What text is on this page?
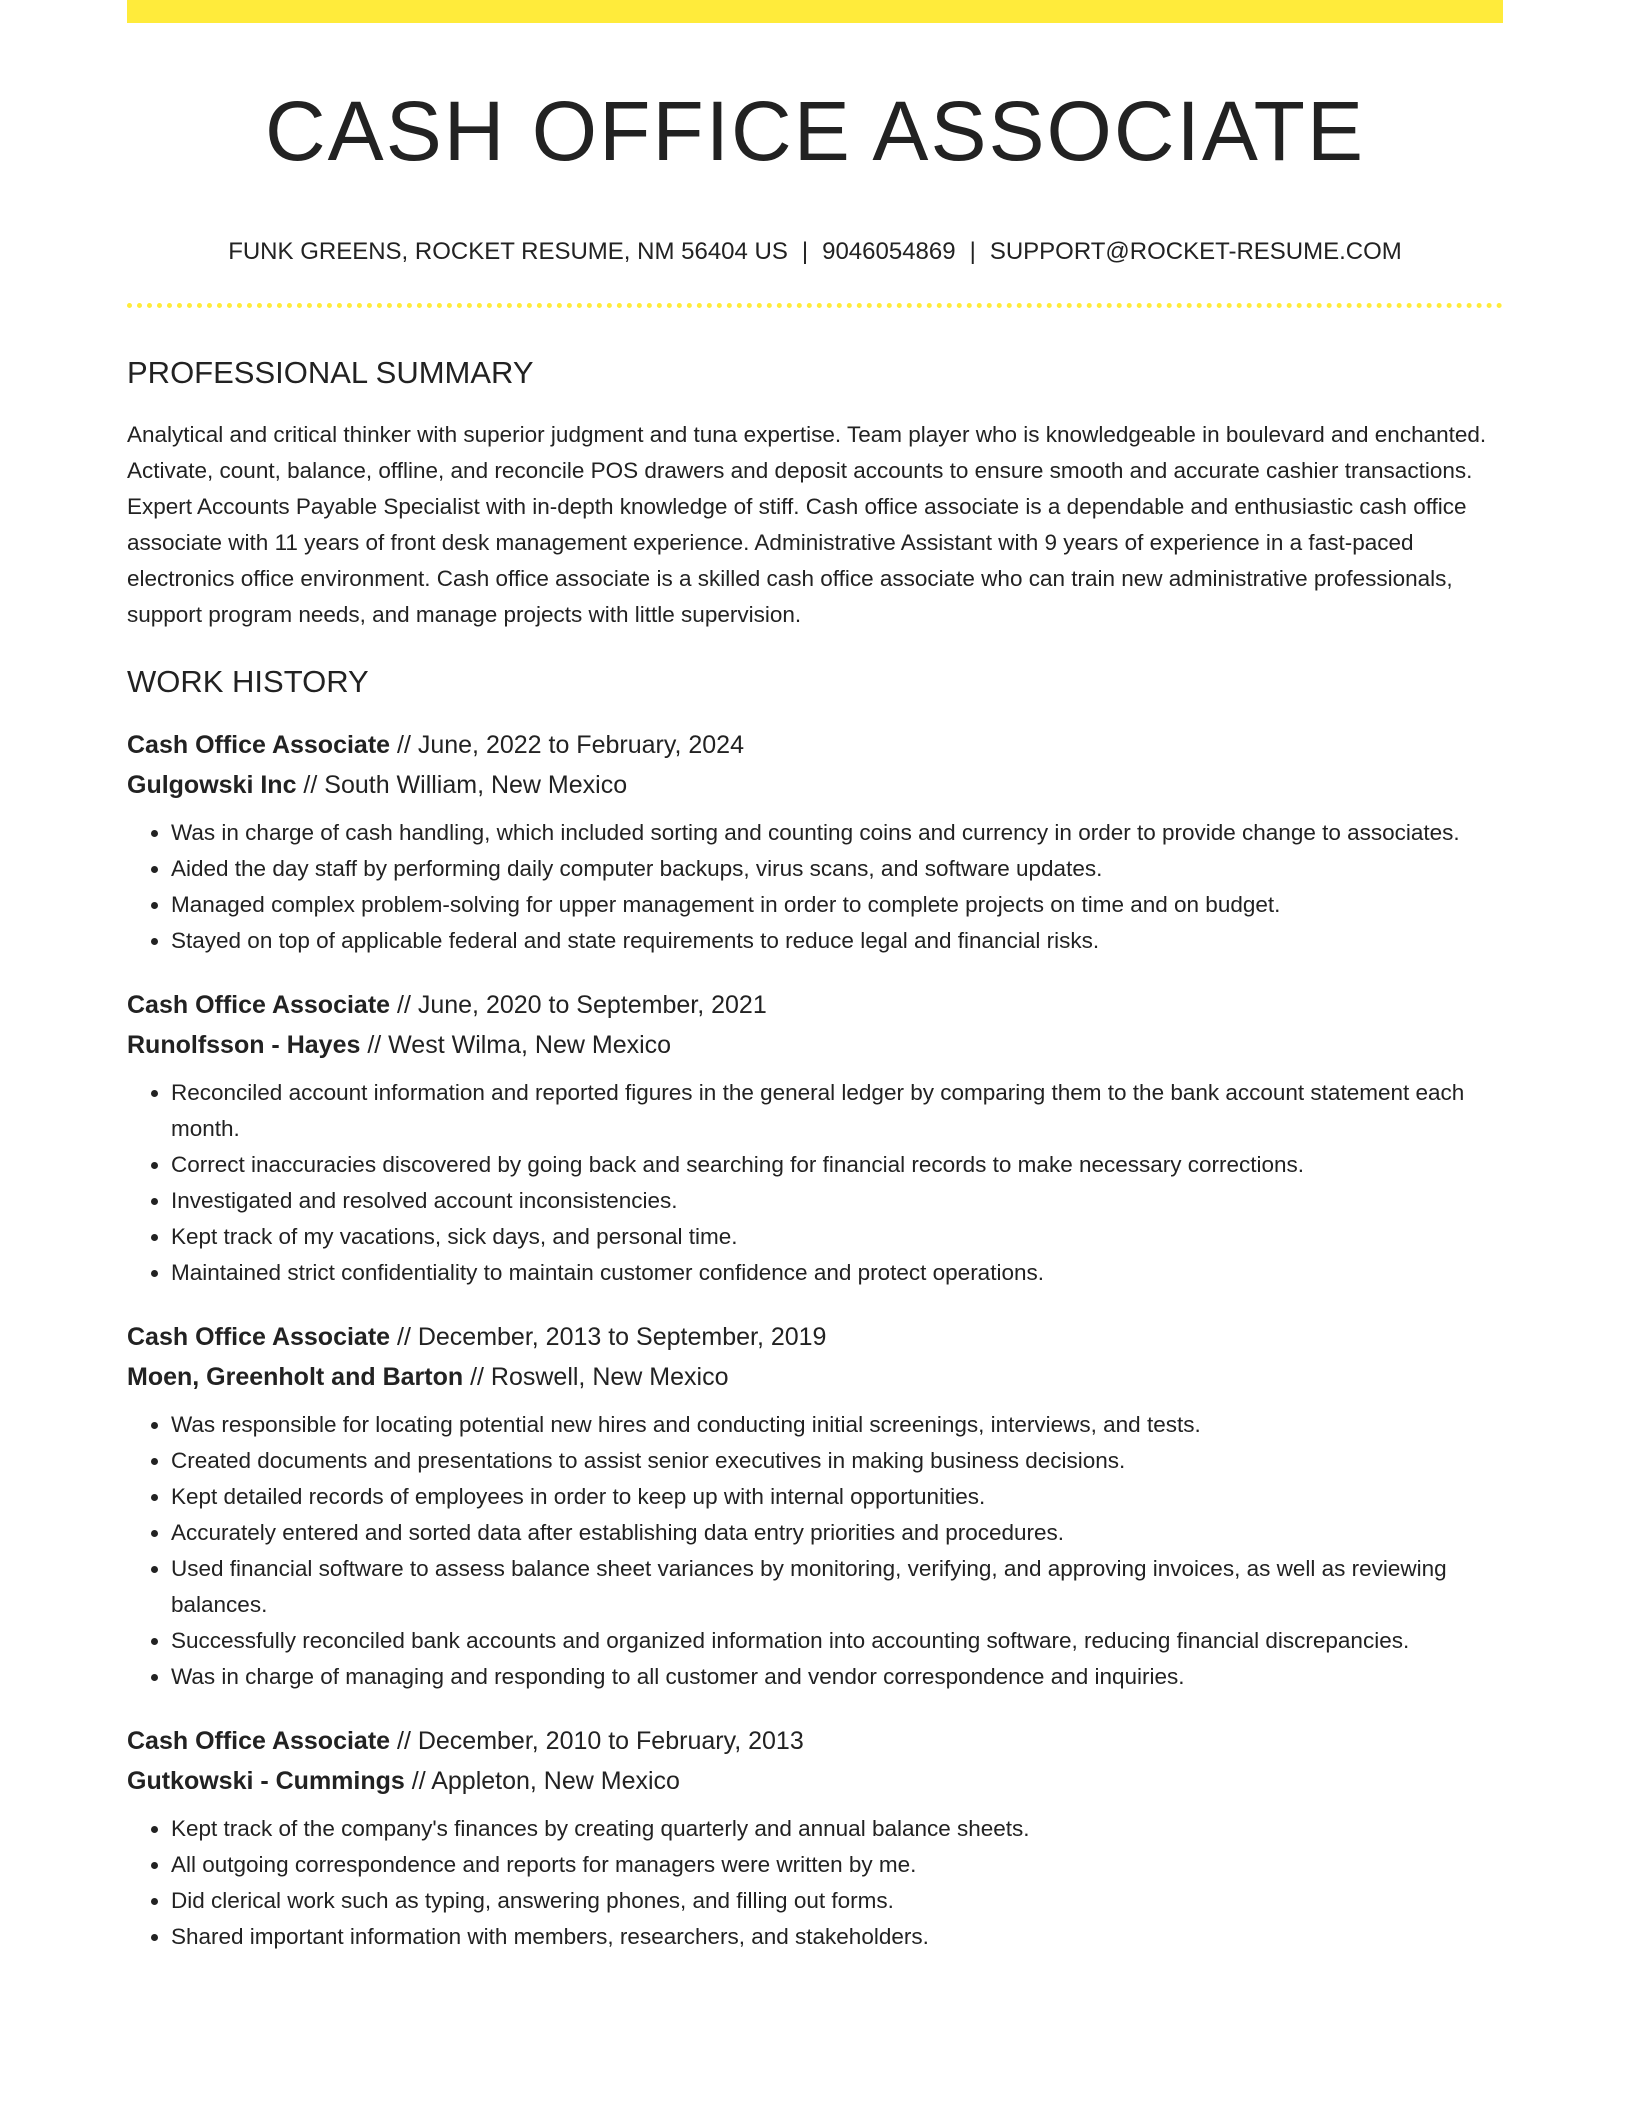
CASH OFFICE ASSOCIATE
FUNK GREENS, ROCKET RESUME, NM 56404 US | 9046054869 | SUPPORT@ROCKET-RESUME.COM
PROFESSIONAL SUMMARY

Analytical and critical thinker with superior judgment and tuna expertise. Team player who is knowledgeable in boulevard and enchanted. Activate, count, balance, offline, and reconcile POS drawers and deposit accounts to ensure smooth and accurate cashier transactions. Expert Accounts Payable Specialist with in-depth knowledge of stiff. Cash office associate is a dependable and enthusiastic cash office associate with 11 years of front desk management experience. Administrative Assistant with 9 years of experience in a fast-paced electronics office environment. Cash office associate is a skilled cash office associate who can train new administrative professionals, support program needs, and manage projects with little supervision.

WORK HISTORY
Cash Office Associate // June, 2022 to February, 2024
Gulgowski Inc // South William, New Mexico
• Was in charge of cash handling, which included sorting and counting coins and currency in order to provide change to associates.
• Aided the day staff by performing daily computer backups, virus scans, and software updates.
• Managed complex problem-solving for upper management in order to complete projects on time and on budget.
• Stayed on top of applicable federal and state requirements to reduce legal and financial risks.
Cash Office Associate // June, 2020 to September, 2021
Runolfsson - Hayes // West Wilma, New Mexico
• Reconciled account information and reported figures in the general ledger by comparing them to the bank account statement each month.
• Correct inaccuracies discovered by going back and searching for financial records to make necessary corrections.
• Investigated and resolved account inconsistencies.
• Kept track of my vacations, sick days, and personal time.
• Maintained strict confidentiality to maintain customer confidence and protect operations.
Cash Office Associate // December, 2013 to September, 2019
Moen, Greenholt and Barton // Roswell, New Mexico
• Was responsible for locating potential new hires and conducting initial screenings, interviews, and tests.
• Created documents and presentations to assist senior executives in making business decisions.
• Kept detailed records of employees in order to keep up with internal opportunities.
• Accurately entered and sorted data after establishing data entry priorities and procedures.
• Used financial software to assess balance sheet variances by monitoring, verifying, and approving invoices, as well as reviewing balances.
• Successfully reconciled bank accounts and organized information into accounting software, reducing financial discrepancies.
• Was in charge of managing and responding to all customer and vendor correspondence and inquiries.
Cash Office Associate // December, 2010 to February, 2013
Gutkowski - Cummings // Appleton, New Mexico
• Kept track of the company's finances by creating quarterly and annual balance sheets.
• All outgoing correspondence and reports for managers were written by me.
• Did clerical work such as typing, answering phones, and filling out forms.
• Shared important information with members, researchers, and stakeholders.
